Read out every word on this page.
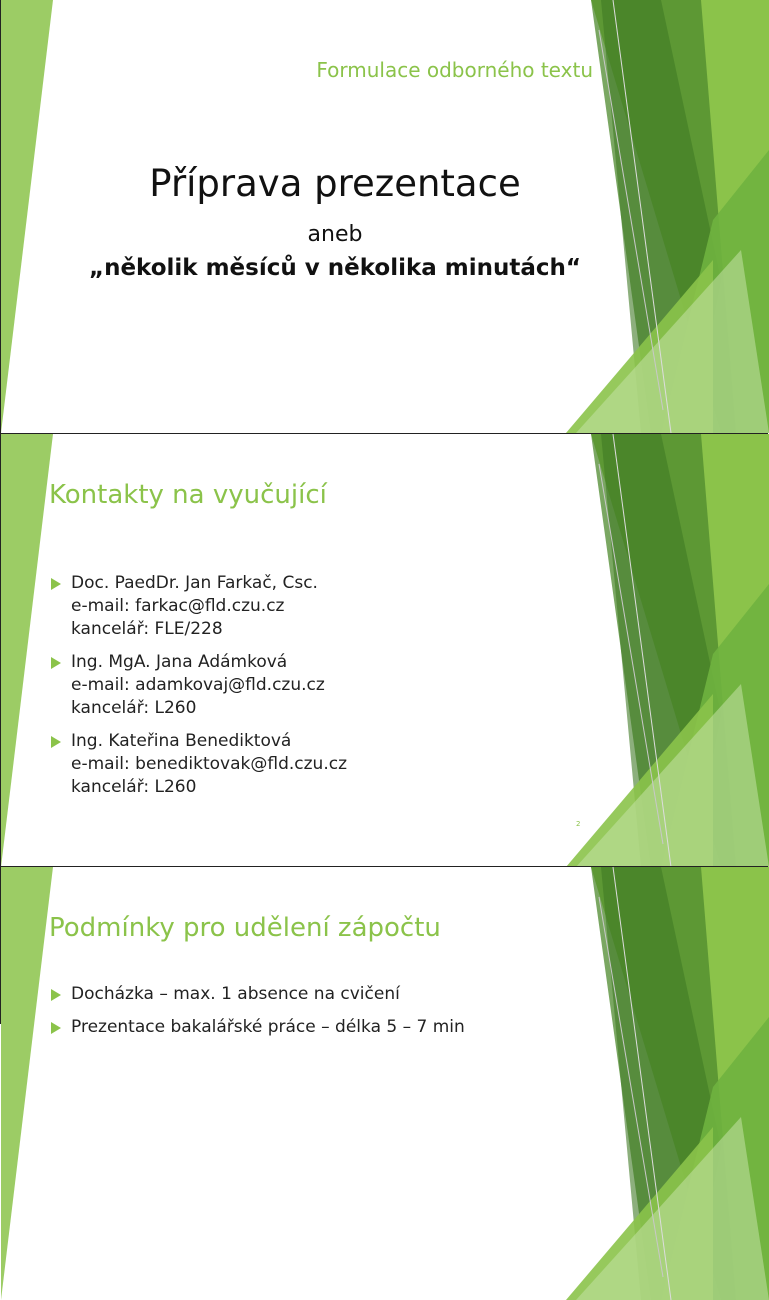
Formulace odborného textu
Příprava prezentace
aneb
„několik měsíců v několika minutách“
Kontakty na vyučující
Doc. PaedDr. Jan Farkač, Csc.
e-mail: farkac@fld.czu.cz
kancelář: FLE/228
Ing. MgA. Jana Adámková
e-mail: adamkovaj@fld.czu.cz
kancelář: L260
Ing. Kateřina Benediktová
e-mail: benediktovak@fld.czu.cz
kancelář: L260
2
Podmínky pro udělení zápočtu
Docházka – max. 1 absence na cvičení
Prezentace bakalářské práce – délka 5 – 7 min
